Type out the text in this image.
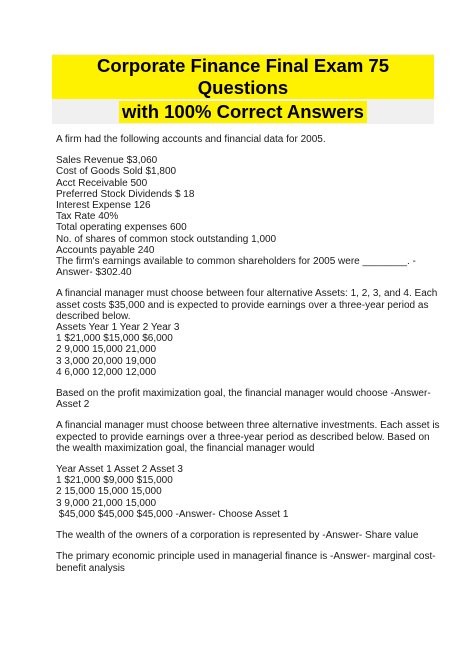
Corporate Finance Final Exam 75 Questions
with 100% Correct Answers
A firm had the following accounts and financial data for 2005.
Sales Revenue $3,060
Cost of Goods Sold $1,800
Acct Receivable 500
Preferred Stock Dividends $ 18
Interest Expense 126
Tax Rate 40%
Total operating expenses 600
No. of shares of common stock outstanding 1,000
Accounts payable 240
The firm's earnings available to common shareholders for 2005 were ________. -
Answer- $302.40
A financial manager must choose between four alternative Assets: 1, 2, 3, and 4. Each
asset costs $35,000 and is expected to provide earnings over a three-year period as
described below.
Assets Year 1 Year 2 Year 3
1 $21,000 $15,000 $6,000
2 9,000 15,000 21,000
3 3,000 20,000 19,000
4 6,000 12,000 12,000
Based on the profit maximization goal, the financial manager would choose -Answer-
Asset 2
A financial manager must choose between three alternative investments. Each asset is
expected to provide earnings over a three-year period as described below. Based on
the wealth maximization goal, the financial manager would
Year Asset 1 Asset 2 Asset 3
1 $21,000 $9,000 $15,000
2 15,000 15,000 15,000
3 9,000 21,000 15,000
$45,000 $45,000 $45,000 -Answer- Choose Asset 1
The wealth of the owners of a corporation is represented by -Answer- Share value
The primary economic principle used in managerial finance is -Answer- marginal cost-
benefit analysis
